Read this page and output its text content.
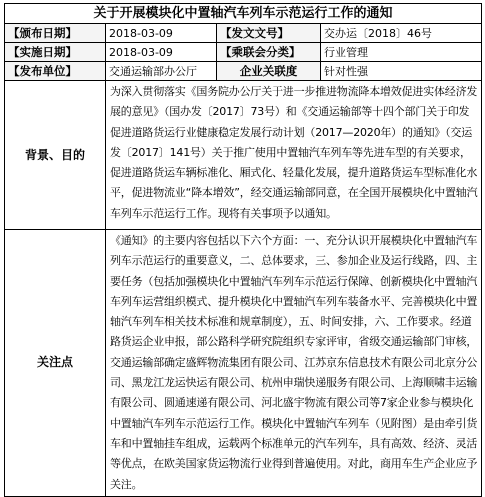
关于开展模块化中置轴汽车列车示范运行工作的通知			
【颁布日期】	2018-03-09	【发文文号】	交办运〔2018〕46号
【实施日期】	2018-03-09	【乘联会分类】	行业管理
【发布单位】	交通运输部办公厅	企业关联度	针对性强
背景、目的	为深入贯彻落实《国务院办公厅关于进一步推进物流降本增效促进实体经济发展的意见》（国办发〔2017〕73号）和《交通运输部等十四个部门关于印发促进道路货运行业健康稳定发展行动计划（2017—2020年）的通知》（交运发〔2017〕141号）关于推广使用中置轴汽车列车等先进车型的有关要求，促进道路货运车辆标准化、厢式化、轻量化发展，提升道路货运车型标准化水平，促进物流业“降本增效”，经交通运输部同意，在全国开展模块化中置轴汽车列车示范运行工作。现将有关事项予以通知。		
关注点	《通知》的主要内容包括以下六个方面：一、充分认识开展模块化中置轴汽车列车示范运行的重要意义，二、总体要求，三、参加企业及运行线路，四、主要任务（包括加强模块化中置轴汽车列车示范运行保障、创新模块化中置轴汽车列车运营组织模式、提升模块化中置轴汽车列车装备水平、完善模块化中置轴汽车列车相关技术标准和规章制度），五、时间安排，六、工作要求。经道路货运企业申报，部公路科学研究院组织专家评审，省级交通运输部门审核，交通运输部确定盛辉物流集团有限公司、江苏京东信息技术有限公司北京分公司、黑龙江龙运快运有限公司、杭州申瑞快递服务有限公司、上海顺啸丰运输有限公司、圆通速递有限公司、河北盛宇物流有限公司等7家企业参与模块化中置轴汽车列车示范运行工作。模块化中置轴汽车列车（见附图）是由牵引货车和中置轴挂车组成，运载两个标准单元的汽车列车，具有高效、经济、灵活等优点，在欧美国家货运物流行业得到普遍使用。对此，商用车生产企业应予关注。		
